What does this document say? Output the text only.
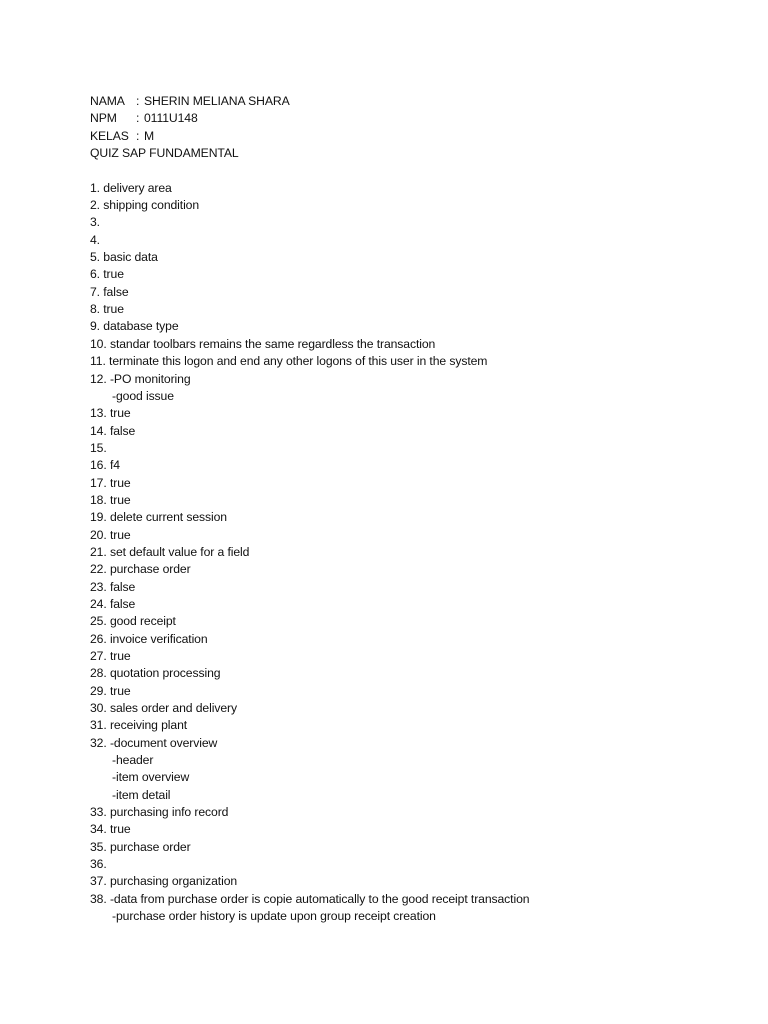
NAMA : SHERIN MELIANA SHARA
NPM	: 0111U148
KELAS : M
QUIZ SAP FUNDAMENTAL
1.
delivery area
2.
shipping condition
3.

4.

5.
basic data
6.
true
7.
false
8.
true
9.
database type
10.
standar toolbars remains the same regardless the transaction
11.
terminate this logon and end any other logons of this user in the system
12.
-PO monitoring
-good issue
13.
true
14.
false
15.

16.
f4
17.
true
18.
true
19.
delete current session
20.
true
21.
set default value for a field
22.
purchase order
23.
false
24.
false
25.
good receipt
26.
invoice verification
27.
true
28.
quotation processing
29.
true
30.
sales order and delivery
31.
receiving plant
32.
-document overview
-header
-item overview
-item detail
33.
purchasing info record
34.
true
35.
purchase order
36.

37.
purchasing organization
38.
-data from purchase order is copie automatically to the good receipt transaction
-purchase order history is update upon group receipt creation
